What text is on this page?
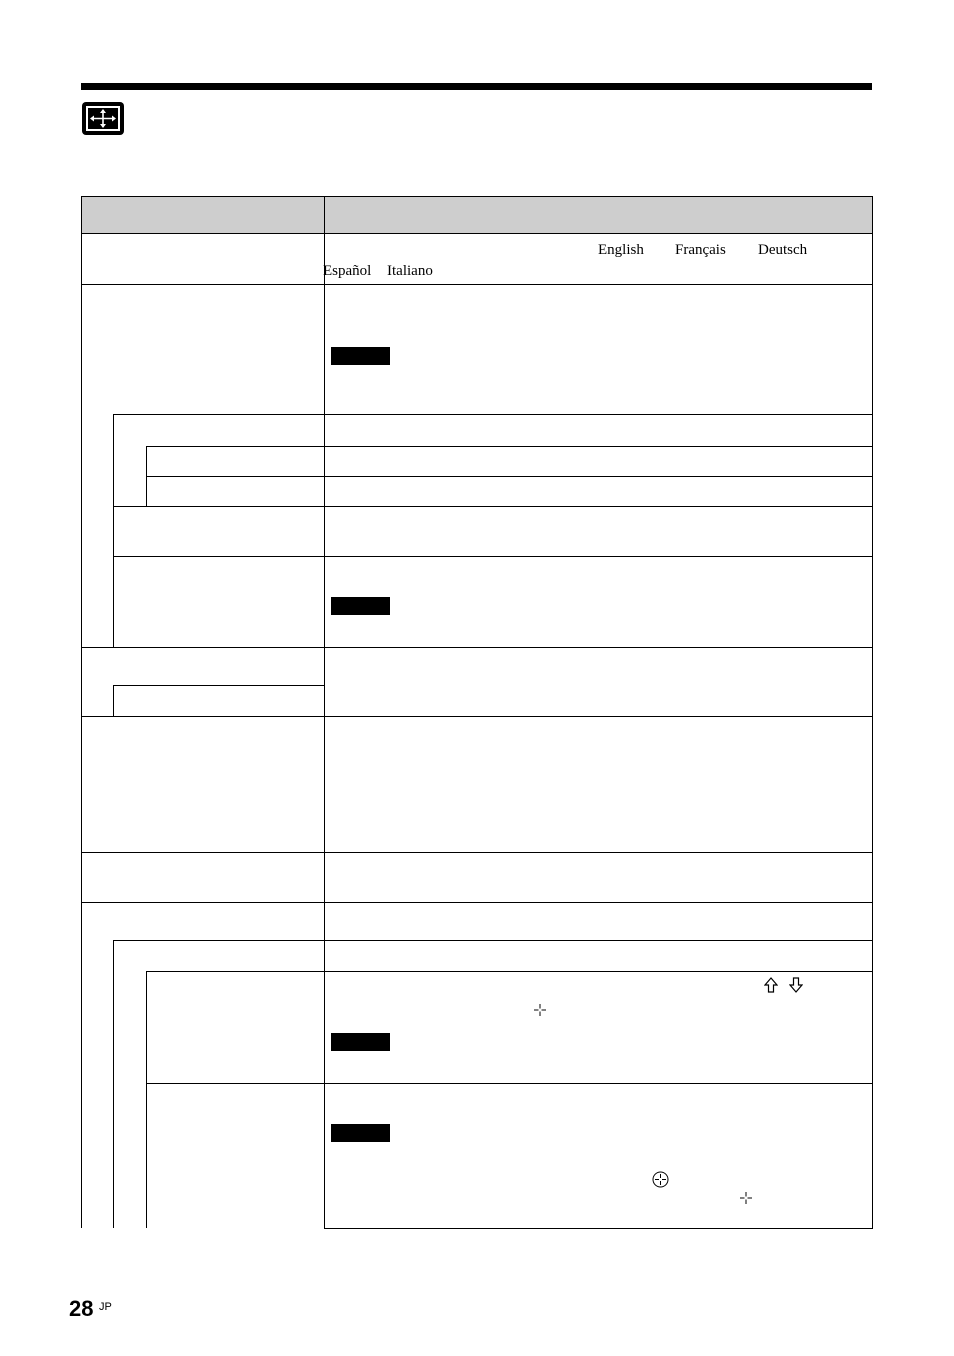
English Français Deutsch
Español Italiano
28 JP
